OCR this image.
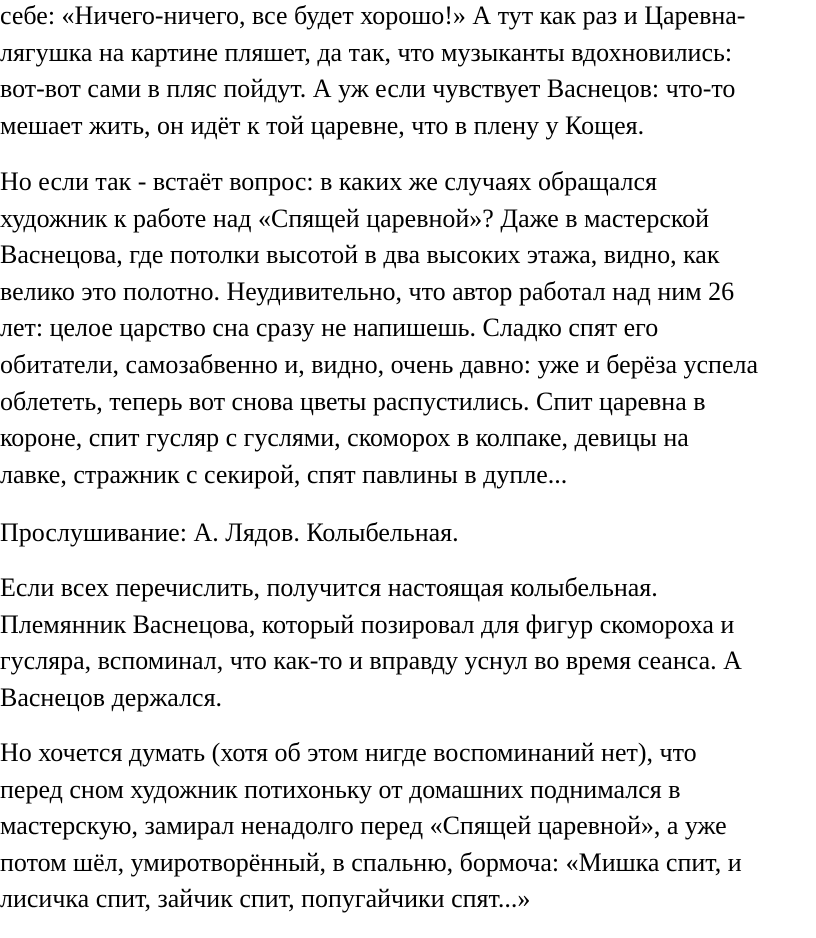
себе: «Ничего-ничего, все будет хорошо!» А тут как раз и Царевна-
лягушка на картине пляшет, да так, что музыканты вдохновились:
вот-вот сами в пляс пойдут. А уж если чувствует Васнецов: что-то
мешает жить, он идёт к той царевне, что в плену у Кощея.

Но если так - встаёт вопрос: в каких же случаях обращался
художник к работе над «Спящей царевной»? Даже в мастерской
Васнецова, где потолки высотой в два высоких этажа, видно, как
велико это полотно. Неудивительно, что автор работал над ним 26
лет: целое царство сна сразу не напишешь. Сладко спят его
обитатели, самозабвенно и, видно, очень давно: уже и берёза успела
облететь, теперь вот снова цветы распустились. Спит царевна в
короне, спит гусляр с гуслями, скоморох в колпаке, девицы на
лавке, стражник с секирой, спят павлины в дупле...

Прослушивание: А. Лядов. Колыбельная.

Если всех перечислить, получится настоящая колыбельная.
Племянник Васнецова, который позировал для фигур скомороха и
гусляра, вспоминал, что как-то и вправду уснул во время сеанса. А
Васнецов держался.

Но хочется думать (хотя об этом нигде воспоминаний нет), что
перед сном художник потихоньку от домашних поднимался в
мастерскую, замирал ненадолго перед «Спящей царевной», а уже
потом шёл, умиротворённый, в спальню, бормоча: «Мишка спит, и
лисичка спит, зайчик спит, попугайчики спят...»
